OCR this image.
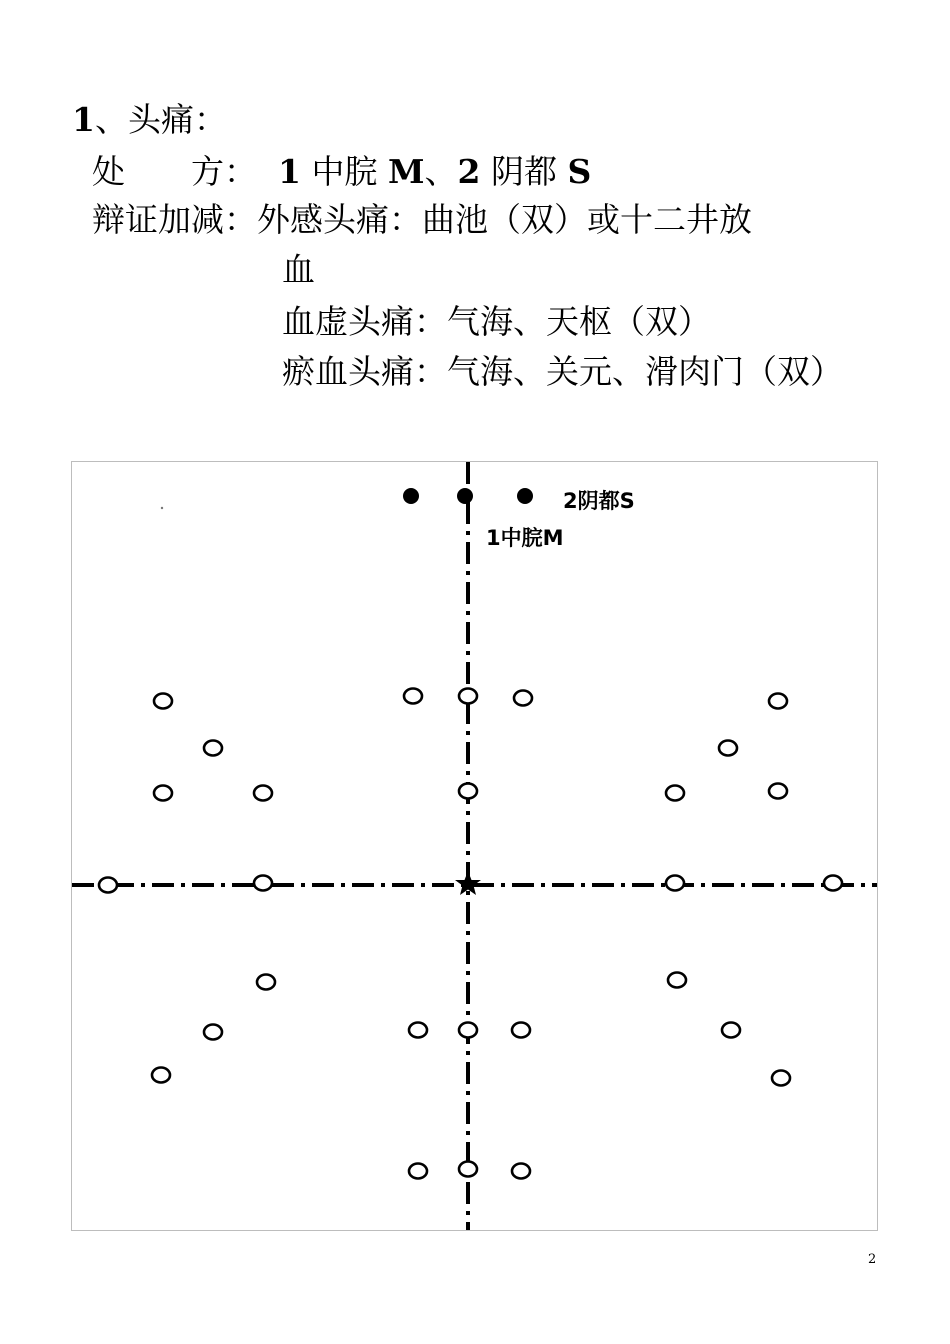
1、头痛：
处　　方： 1 中脘 M、2 阴都 S
辩证加减：外感头痛：曲池（双）或十二井放
血
血虚头痛：气海、天枢（双）
瘀血头痛：气海、关元、滑肉门（双）
2阴都S
1中脘M
2
